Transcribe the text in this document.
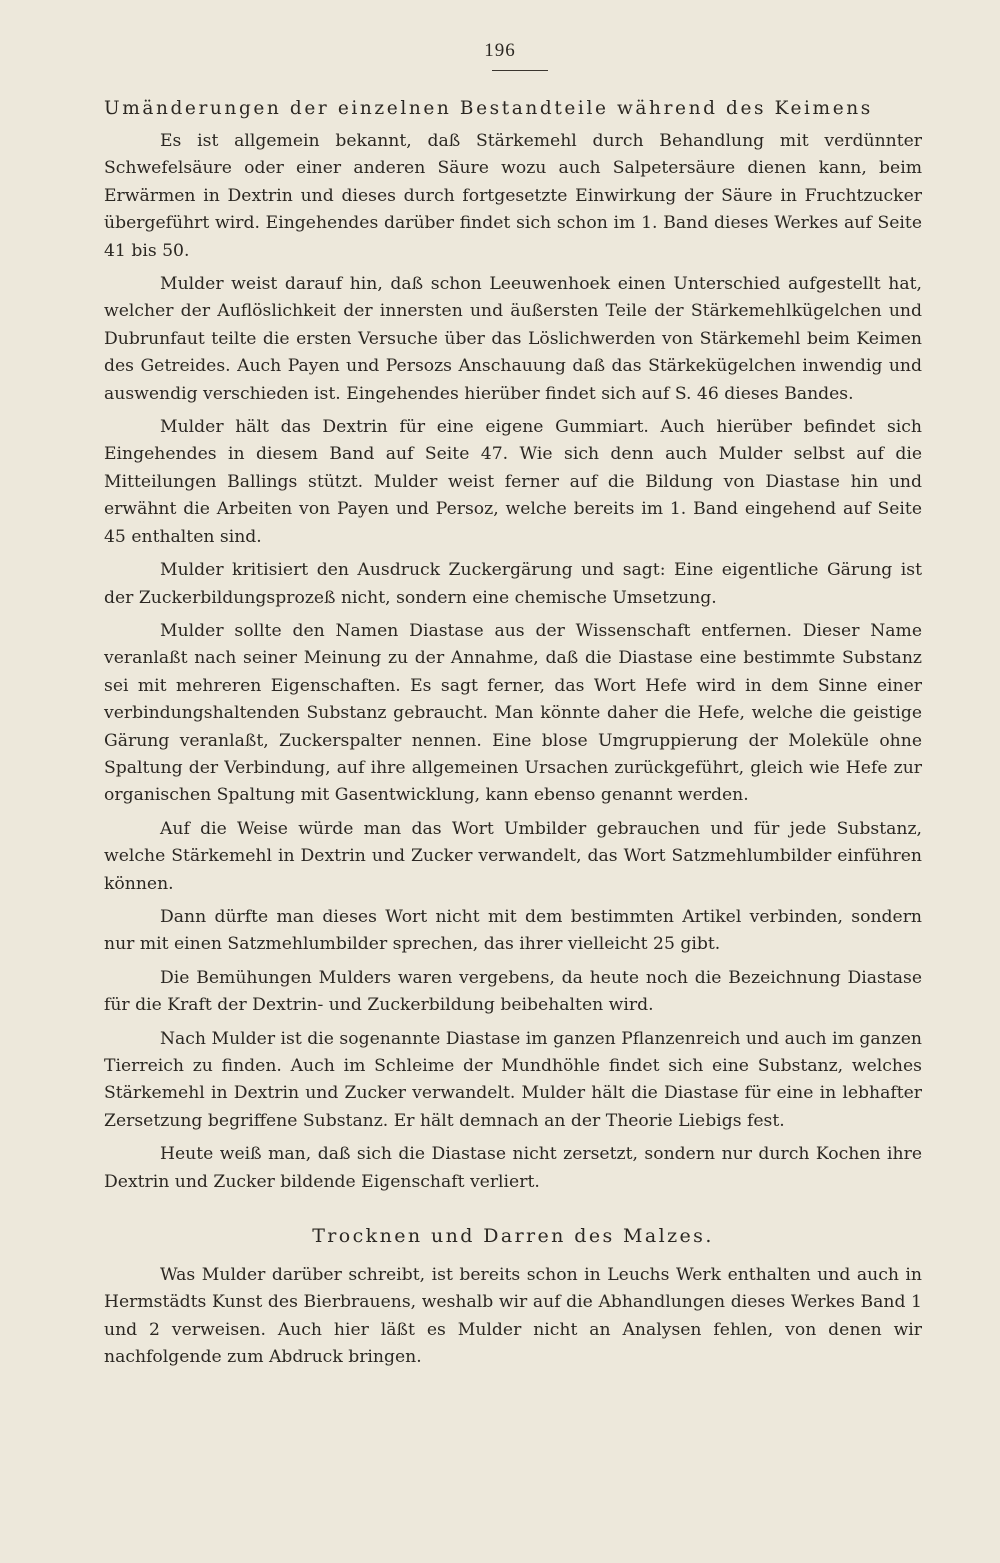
196
Umänderungen der einzelnen Bestandteile während des Keimens

Es ist allgemein bekannt, daß Stärkemehl durch Behandlung mit verdünnter Schwefelsäure oder einer anderen Säure wozu auch Salpetersäure dienen kann, beim Erwärmen in Dextrin und dieses durch fortgesetzte Einwirkung der Säure in Fruchtzucker übergeführt wird. Eingehendes darüber findet sich schon im 1. Band dieses Werkes auf Seite 41 bis 50.

Mulder weist darauf hin, daß schon Leeuwenhoek einen Unterschied aufgestellt hat, welcher der Auflöslichkeit der innersten und äußersten Teile der Stärkemehlkügelchen und Dubrunfaut teilte die ersten Versuche über das Löslichwerden von Stärkemehl beim Keimen des Getreides. Auch Payen und Persozs Anschauung daß das Stärkekügelchen inwendig und auswendig verschieden ist. Eingehendes hierüber findet sich auf S. 46 dieses Bandes.

Mulder hält das Dextrin für eine eigene Gummiart. Auch hierüber befindet sich Eingehendes in diesem Band auf Seite 47. Wie sich denn auch Mulder selbst auf die Mitteilungen Ballings stützt. Mulder weist ferner auf die Bildung von Diastase hin und erwähnt die Arbeiten von Payen und Persoz, welche bereits im 1. Band eingehend auf Seite 45 enthalten sind.

Mulder kritisiert den Ausdruck Zuckergärung und sagt: Eine eigentliche Gärung ist der Zuckerbildungsprozeß nicht, sondern eine chemische Umsetzung.

Mulder sollte den Namen Diastase aus der Wissenschaft entfernen. Dieser Name veranlaßt nach seiner Meinung zu der Annahme, daß die Diastase eine bestimmte Substanz sei mit mehreren Eigenschaften. Es sagt ferner, das Wort Hefe wird in dem Sinne einer verbindungshaltenden Substanz gebraucht. Man könnte daher die Hefe, welche die geistige Gärung veranlaßt, Zuckerspalter nennen. Eine blose Umgruppierung der Moleküle ohne Spaltung der Verbindung, auf ihre allgemeinen Ursachen zurückgeführt, gleich wie Hefe zur organischen Spaltung mit Gasentwicklung, kann ebenso genannt werden.

Auf die Weise würde man das Wort Umbilder gebrauchen und für jede Substanz, welche Stärkemehl in Dextrin und Zucker verwandelt, das Wort Satzmehlumbilder einführen können.

Dann dürfte man dieses Wort nicht mit dem bestimmten Artikel verbinden, sondern nur mit einen Satzmehlumbilder sprechen, das ihrer vielleicht 25 gibt.

Die Bemühungen Mulders waren vergebens, da heute noch die Bezeichnung Diastase für die Kraft der Dextrin- und Zuckerbildung beibehalten wird.

Nach Mulder ist die sogenannte Diastase im ganzen Pflanzenreich und auch im ganzen Tierreich zu finden. Auch im Schleime der Mundhöhle findet sich eine Substanz, welches Stärkemehl in Dextrin und Zucker verwandelt. Mulder hält die Diastase für eine in lebhafter Zersetzung begriffene Substanz. Er hält demnach an der Theorie Liebigs fest.

Heute weiß man, daß sich die Diastase nicht zersetzt, sondern nur durch Kochen ihre Dextrin und Zucker bildende Eigenschaft verliert.

Trocknen und Darren des Malzes.

Was Mulder darüber schreibt, ist bereits schon in Leuchs Werk enthalten und auch in Hermstädts Kunst des Bierbrauens, weshalb wir auf die Abhandlungen dieses Werkes Band 1 und 2 verweisen. Auch hier läßt es Mulder nicht an Analysen fehlen, von denen wir nachfolgende zum Abdruck bringen.
